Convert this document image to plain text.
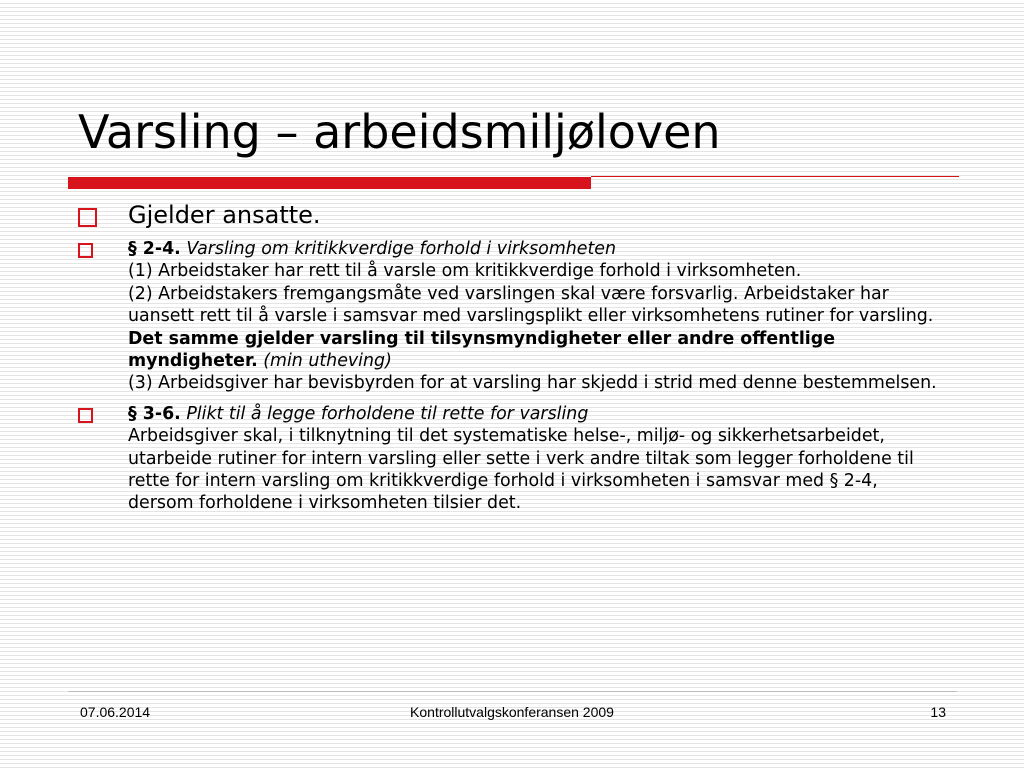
Varsling – arbeidsmiljøloven
Gjelder ansatte.
§ 2-4. Varsling om kritikkverdige forhold i virksomheten
(1) Arbeidstaker har rett til å varsle om kritikkverdige forhold i virksomheten.
(2) Arbeidstakers fremgangsmåte ved varslingen skal være forsvarlig. Arbeidstaker har uansett rett til å varsle i samsvar med varslingsplikt eller virksomhetens rutiner for varsling. Det samme gjelder varsling til tilsynsmyndigheter eller andre offentlige myndigheter. (min utheving)
(3) Arbeidsgiver har bevisbyrden for at varsling har skjedd i strid med denne bestemmelsen.
§ 3-6. Plikt til å legge forholdene til rette for varsling
Arbeidsgiver skal, i tilknytning til det systematiske helse-, miljø- og sikkerhetsarbeidet, utarbeide rutiner for intern varsling eller sette i verk andre tiltak som legger forholdene til rette for intern varsling om kritikkverdige forhold i virksomheten i samsvar med § 2-4, dersom forholdene i virksomheten tilsier det.
07.06.2014	Kontrollutvalgskonferansen 2009	13
